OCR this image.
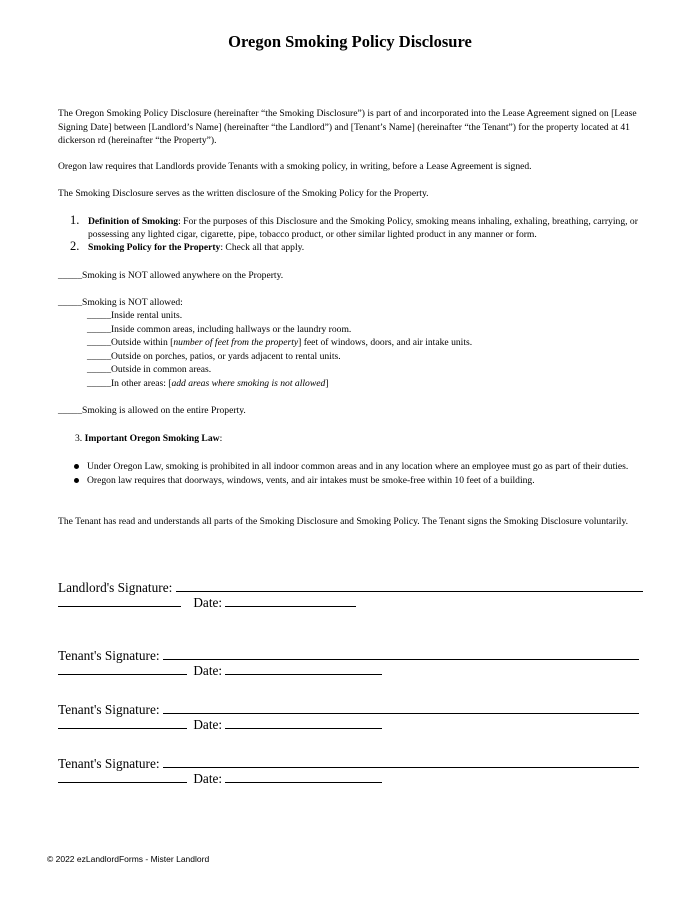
Oregon Smoking Policy Disclosure
The Oregon Smoking Policy Disclosure (hereinafter “the Smoking Disclosure”) is part of and incorporated into the Lease Agreement signed on [Lease Signing Date] between [Landlord’s Name] (hereinafter “the Landlord”) and [Tenant’s Name] (hereinafter “the Tenant”) for the property located at 41 dickerson rd (hereinafter “the Property”).
Oregon law requires that Landlords provide Tenants with a smoking policy, in writing, before a Lease Agreement is signed.
The Smoking Disclosure serves as the written disclosure of the Smoking Policy for the Property.
1. Definition of Smoking: For the purposes of this Disclosure and the Smoking Policy, smoking means inhaling, exhaling, breathing, carrying, or possessing any lighted cigar, cigarette, pipe, tobacco product, or other similar lighted product in any manner or form.
2. Smoking Policy for the Property: Check all that apply.
_____Smoking is NOT allowed anywhere on the Property.
_____Smoking is NOT allowed:
_____Inside rental units.
_____Inside common areas, including hallways or the laundry room.
_____Outside within [number of feet from the property] feet of windows, doors, and air intake units.
_____Outside on porches, patios, or yards adjacent to rental units.
_____Outside in common areas.
_____In other areas: [add areas where smoking is not allowed]
_____Smoking is allowed on the entire Property.
3. Important Oregon Smoking Law:
Under Oregon Law, smoking is prohibited in all indoor common areas and in any location where an employee must go as part of their duties.
Oregon law requires that doorways, windows, vents, and air intakes must be smoke-free within 10 feet of a building.
The Tenant has read and understands all parts of the Smoking Disclosure and Smoking Policy. The Tenant signs the Smoking Disclosure voluntarily.
Landlord's Signature:
Date:
Tenant's Signature:
Date:
Tenant's Signature:
Date:
Tenant's Signature:
Date:
© 2022 ezLandlordForms - Mister Landlord
